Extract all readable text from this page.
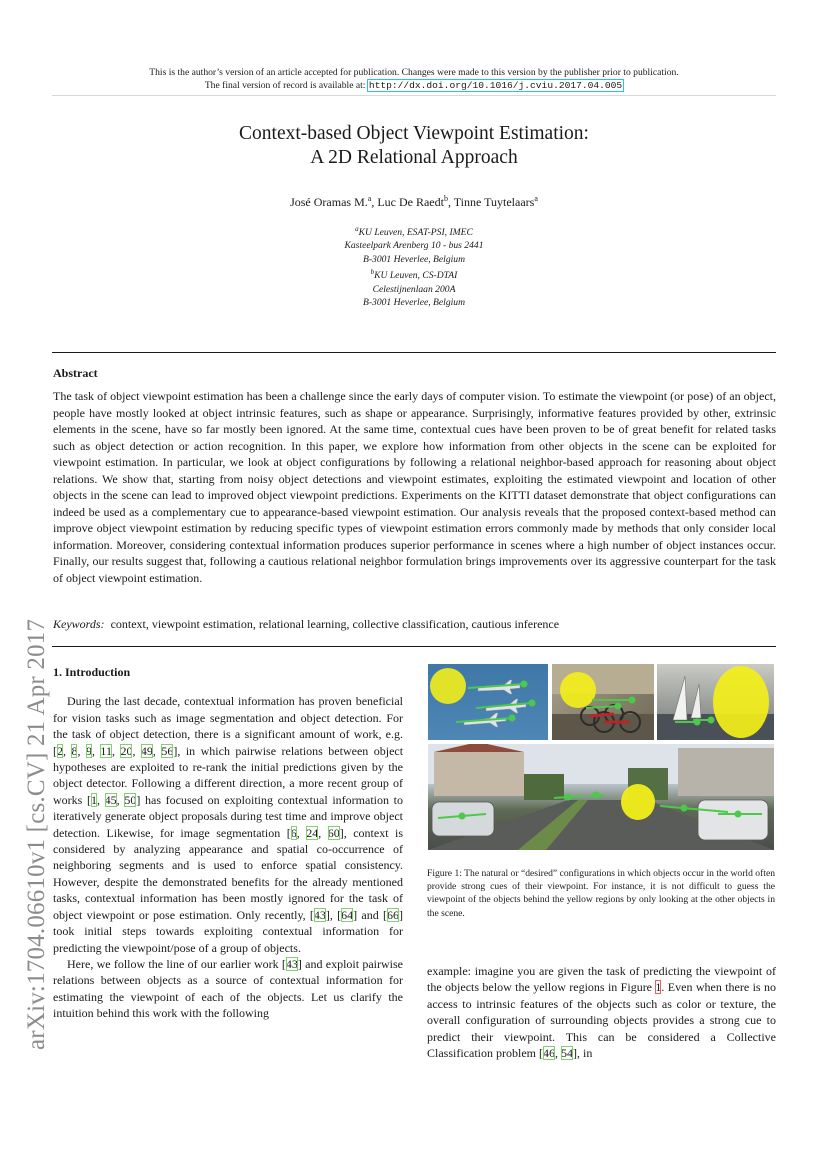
This is the author’s version of an article accepted for publication. Changes were made to this version by the publisher prior to publication.
The final version of record is available at: http://dx.doi.org/10.1016/j.cviu.2017.04.005
arXiv:1704.06610v1 [cs.CV] 21 Apr 2017
Context-based Object Viewpoint Estimation:
A 2D Relational Approach
José Oramas M.$^a$, Luc De Raedt$^b$, Tinne Tuytelaars$^a$
$^a$KU Leuven, ESAT-PSI, IMEC
Kasteelpark Arenberg 10 - bus 2441
B-3001 Heverlee, Belgium
$^b$KU Leuven, CS-DTAI
Celestijnenlaan 200A
B-3001 Heverlee, Belgium
Abstract
The task of object viewpoint estimation has been a challenge since the early days of computer vision. To estimate the viewpoint (or pose) of an object, people have mostly looked at object intrinsic features, such as shape or appearance. Surprisingly, informative features provided by other, extrinsic elements in the scene, have so far mostly been ignored. At the same time, contextual cues have been proven to be of great benefit for related tasks such as object detection or action recognition. In this paper, we explore how information from other objects in the scene can be exploited for viewpoint estimation. In particular, we look at object configurations by following a relational neighbor-based approach for reasoning about object relations. We show that, starting from noisy object detections and viewpoint estimates, exploiting the estimated viewpoint and location of other objects in the scene can lead to improved object viewpoint predictions. Experiments on the KITTI dataset demonstrate that object configurations can indeed be used as a complementary cue to appearance-based viewpoint estimation. Our analysis reveals that the proposed context-based method can improve object viewpoint estimation by reducing specific types of viewpoint estimation errors commonly made by methods that only consider local information. Moreover, considering contextual information produces superior performance in scenes where a high number of object instances occur. Finally, our results suggest that, following a cautious relational neighbor formulation brings improvements over its aggressive counterpart for the task of object viewpoint estimation.
Keywords: context, viewpoint estimation, relational learning, collective classification, cautious inference
1. Introduction

During the last decade, contextual information has proven beneficial for vision tasks such as image segmentation and object detection. For the task of object detection, there is a significant amount of work, e.g. [2, 8, 9, 11, 20, 49, 56], in which pairwise relations between object hypotheses are exploited to re-rank the initial predictions given by the object detector. Following a different direction, a more recent group of works [1, 45, 50] has focused on exploiting contextual information to iteratively generate object proposals during test time and improve object detection. Likewise, for image segmentation [6, 24, 60], context is considered by analyzing appearance and spatial co-occurrence of neighboring segments and is used to enforce spatial consistency. However, despite the demonstrated benefits for the already mentioned tasks, contextual information has been mostly ignored for the task of object viewpoint or pose estimation. Only recently, [43], [64] and [66] took initial steps towards exploiting contextual information for predicting the viewpoint/pose of a group of objects.

Here, we follow the line of our earlier work [43] and exploit pairwise relations between objects as a source of contextual information for estimating the viewpoint of each of the objects. Let us clarify the intuition behind this work with the following

Figure 1: The natural or “desired” configurations in which objects occur in the world often provide strong cues of their viewpoint. For instance, it is not difficult to guess the viewpoint of the objects behind the yellow regions by only looking at the other objects in the scene.
example: imagine you are given the task of predicting the viewpoint of the objects below the yellow regions in Figure 1. Even when there is no access to intrinsic features of the objects such as color or texture, the overall configuration of surrounding objects provides a strong cue to predict their viewpoint. This can be considered a Collective Classification problem [46, 54], in
